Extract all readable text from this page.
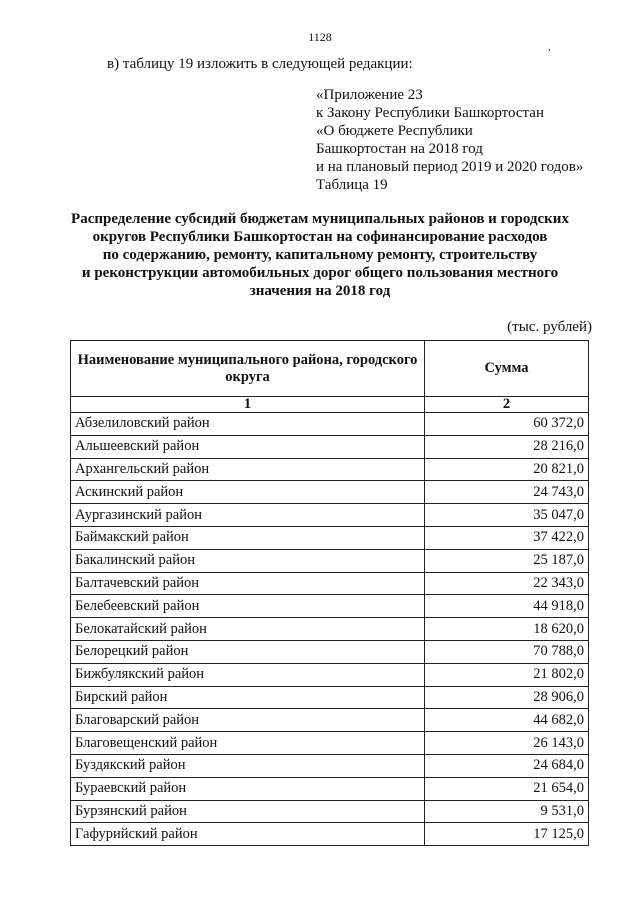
1128
,
в) таблицу 19 изложить в следующей редакции:
«Приложение 23
к Закону Республики Башкортостан
«О бюджете Республики
Башкортостан на 2018 год
и на плановый период 2019 и 2020 годов»
Таблица 19
Распределение субсидий бюджетам муниципальных районов и городских
округов Республики Башкортостан на софинансирование расходов
по содержанию, ремонту, капитальному ремонту, строительству
и реконструкции автомобильных дорог общего пользования местного
значения на 2018 год
(тыс. рублей)
Наименование муниципального района, городского округа	Сумма
1	2
Абзелиловский район	60 372,0
Альшеевский район	28 216,0
Архангельский район	20 821,0
Аскинский район	24 743,0
Аургазинский район	35 047,0
Баймакский район	37 422,0
Бакалинский район	25 187,0
Балтачевский район	22 343,0
Белебеевский район	44 918,0
Белокатайский район	18 620,0
Белорецкий район	70 788,0
Бижбулякский район	21 802,0
Бирский район	28 906,0
Благоварский район	44 682,0
Благовещенский район	26 143,0
Буздякский район	24 684,0
Бураевский район	21 654,0
Бурзянский район	9 531,0
Гафурийский район	17 125,0
